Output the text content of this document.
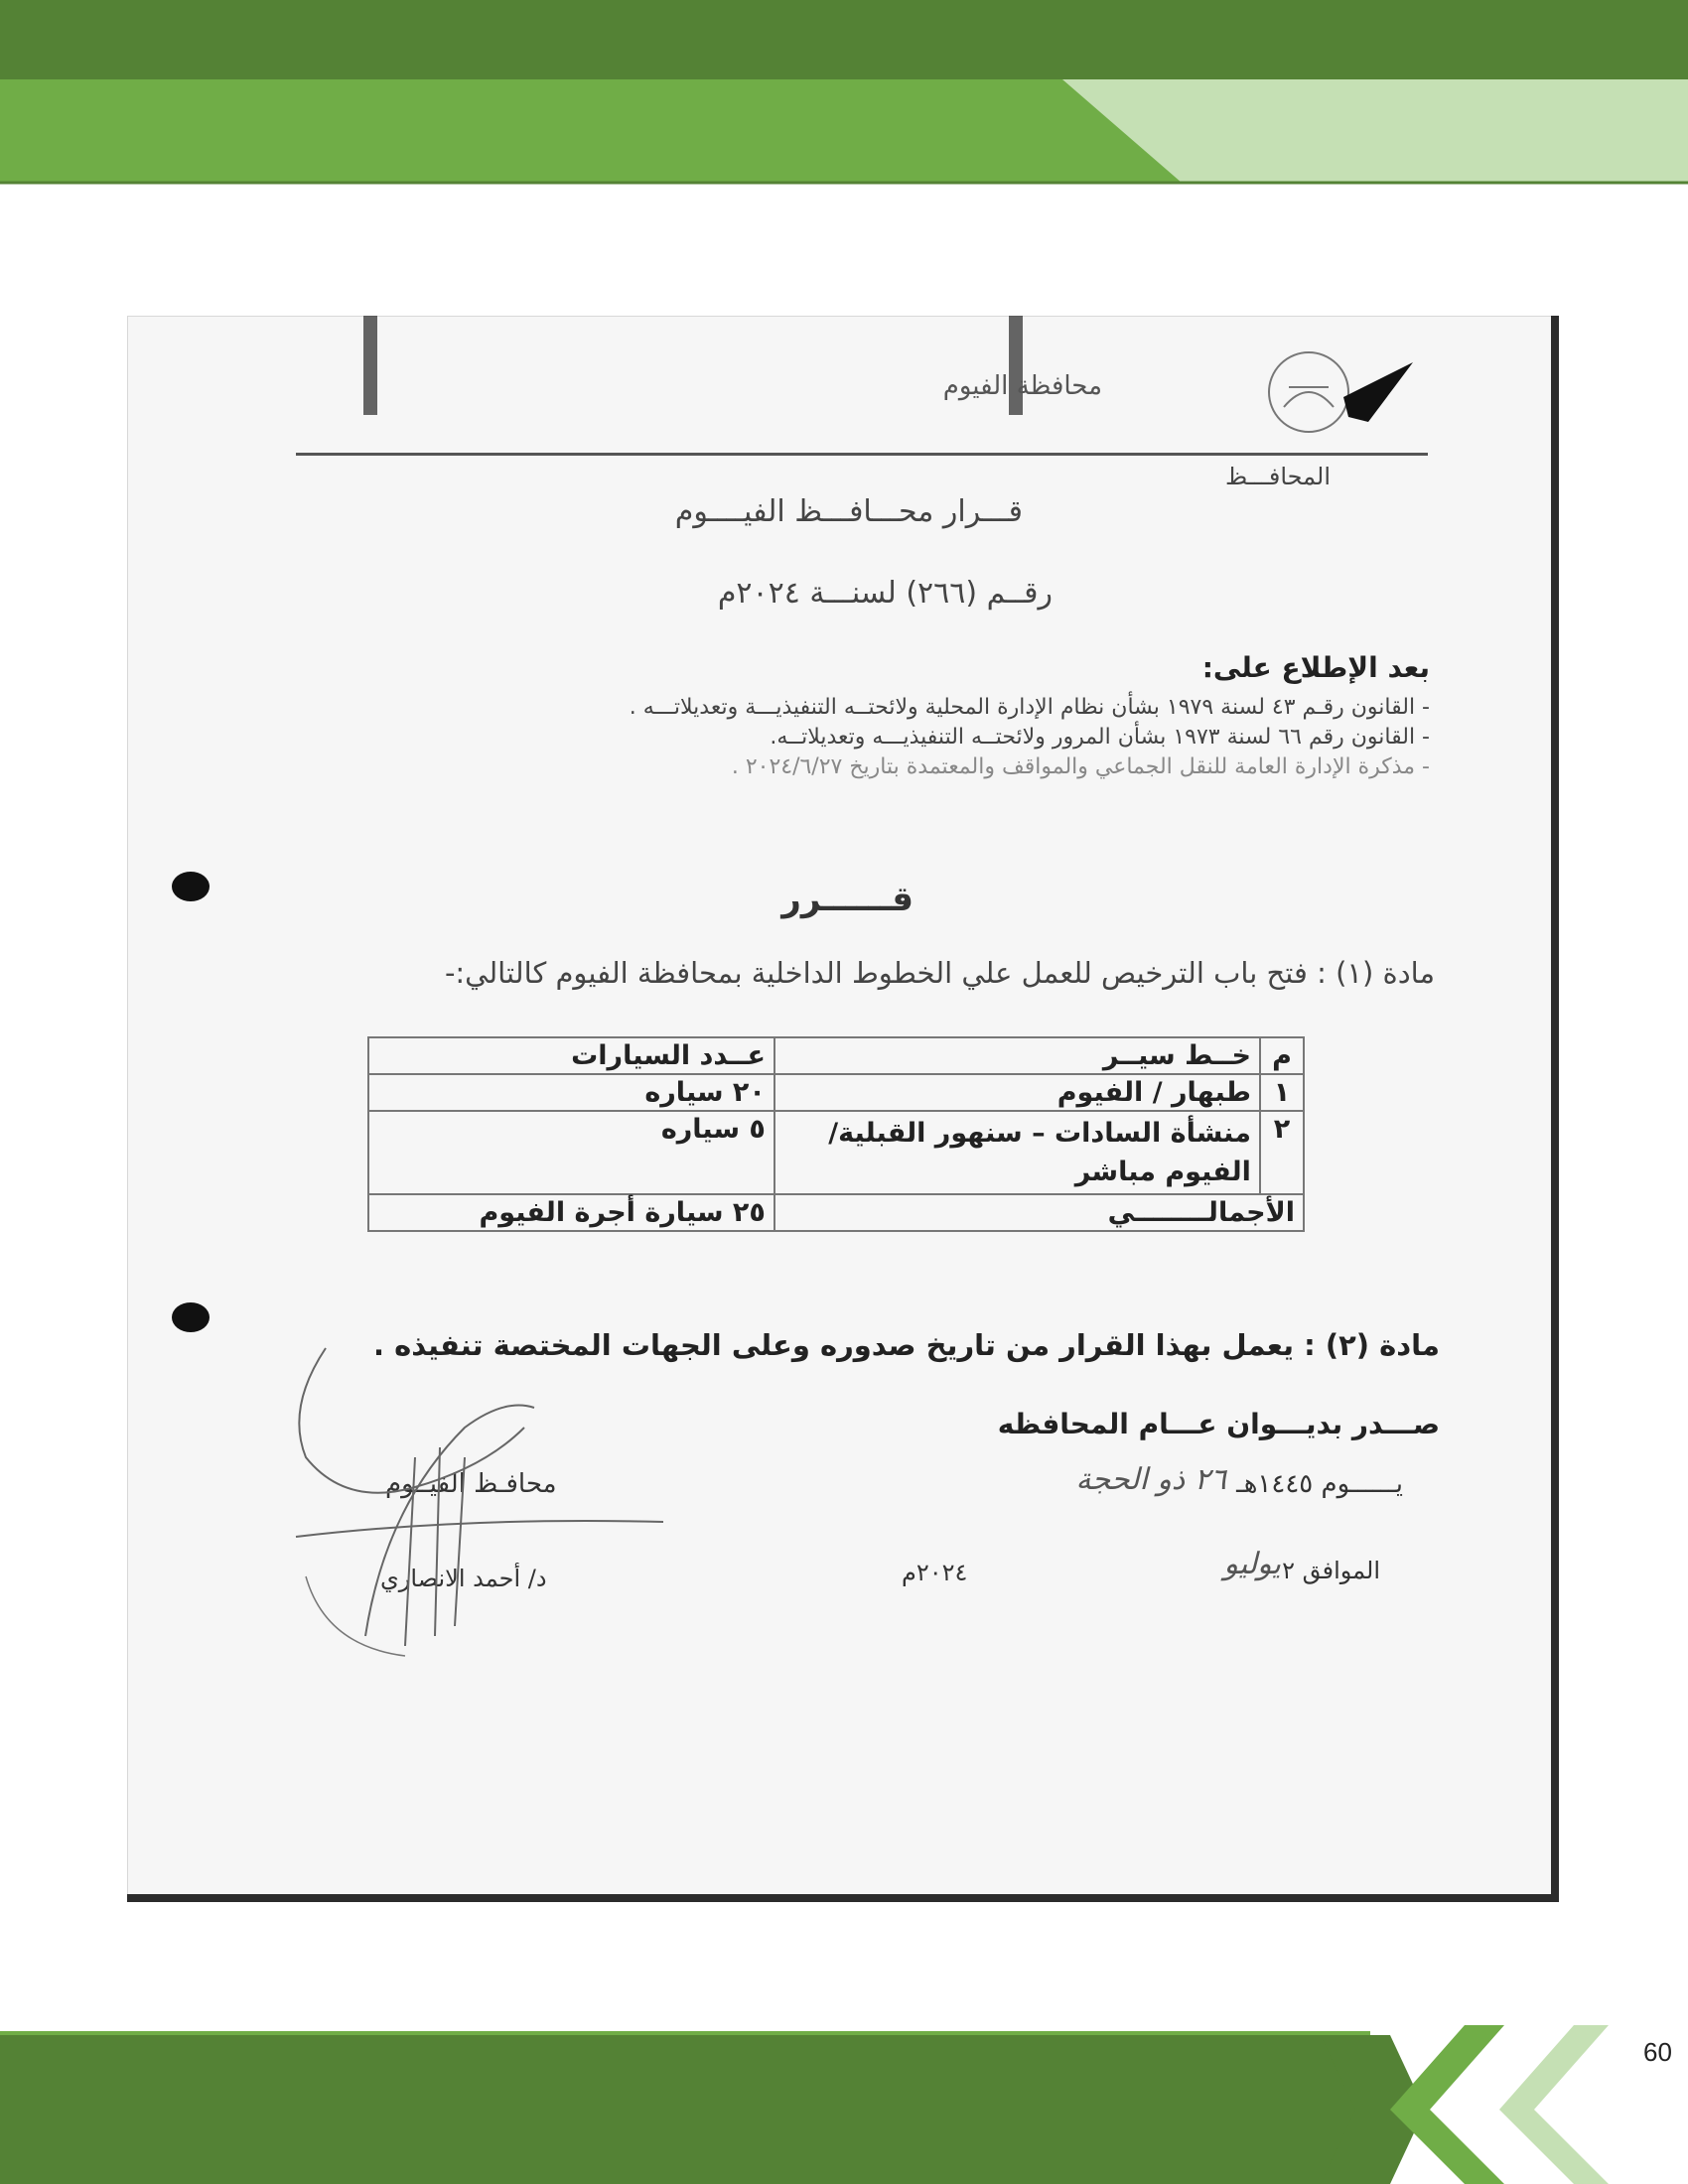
محافظة الفيوم
المحافـــظ
قـــرار محـــافـــظ الفيــــوم
رقــم (٢٦٦) لسنـــة ٢٠٢٤م
بعد الإطلاع على:
- القانون رقـم ٤٣ لسنة ١٩٧٩ بشأن نظام الإدارة المحلية ولائحتــه التنفيذيـــة وتعديلاتـــه .
- القانون رقم ٦٦ لسنة ١٩٧٣ بشأن المرور ولائحتــه التنفيذيـــه وتعديلاتــه.
- مذكرة الإدارة العامة للنقل الجماعي والمواقف والمعتمدة بتاريخ ٢٠٢٤/٦/٢٧ .
قــــــرر
مادة (١) : فتح باب الترخيص للعمل علي الخطوط الداخلية بمحافظة الفيوم كالتالي:-
م	خــط سيــر	عــدد السيارات
١	طبهار / الفيوم	٢٠ سياره
٢	منشأة السادات – سنهور القبلية/ الفيوم مباشر	٥ سياره
الأجمالــــــــي		٢٥ سيارة أجرة الفيوم
مادة (٢) : يعمل بهذا القرار من تاريخ صدوره وعلى الجهات المختصة تنفيذه .
صـــدر بديـــوان عـــام المحافظه
يــــــوم ١٤٤٥هـ
٢٦ ذو الحجة
محافـظ الفيــوم
الموافق ٢
يوليو
٢٠٢٤م
د/ أحمد الانصاري
60
